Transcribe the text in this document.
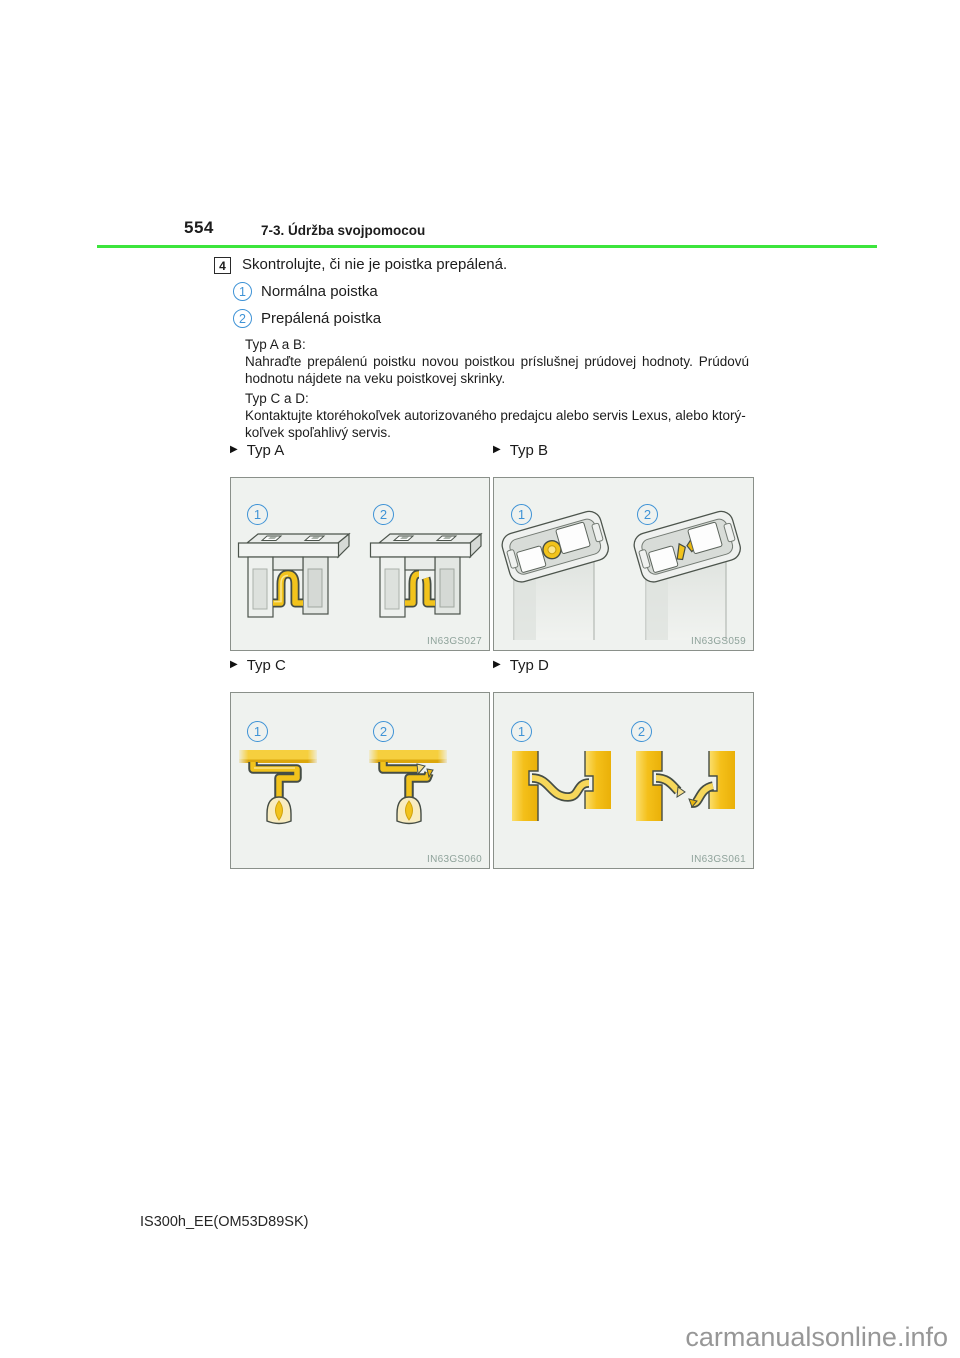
554	7-3. Údržba svojpomocou
4	Skontrolujte, či nie je poistka prepálená.
1	Normálna poistka
2	Prepálená poistka
Typ A a B:
Nahraďte prepálenú poistku novou poistkou príslušnej prúdovej hodnoty. Prúdovú
hodnotu nájdete na veku poistkovej skrinky.
Typ C a D:
Kontaktujte ktoréhokoľvek autorizovaného predajcu alebo servis Lexus, alebo ktorý-
koľvek spoľahlivý servis.
▶ Typ A
1	2
IN63GS027
▶ Typ B
1	2
IN63GS059
▶ Typ C
1	2
IN63GS060
▶ Typ D
1	2
IN63GS061
IS300h_EE(OM53D89SK)
carmanualsonline.info
